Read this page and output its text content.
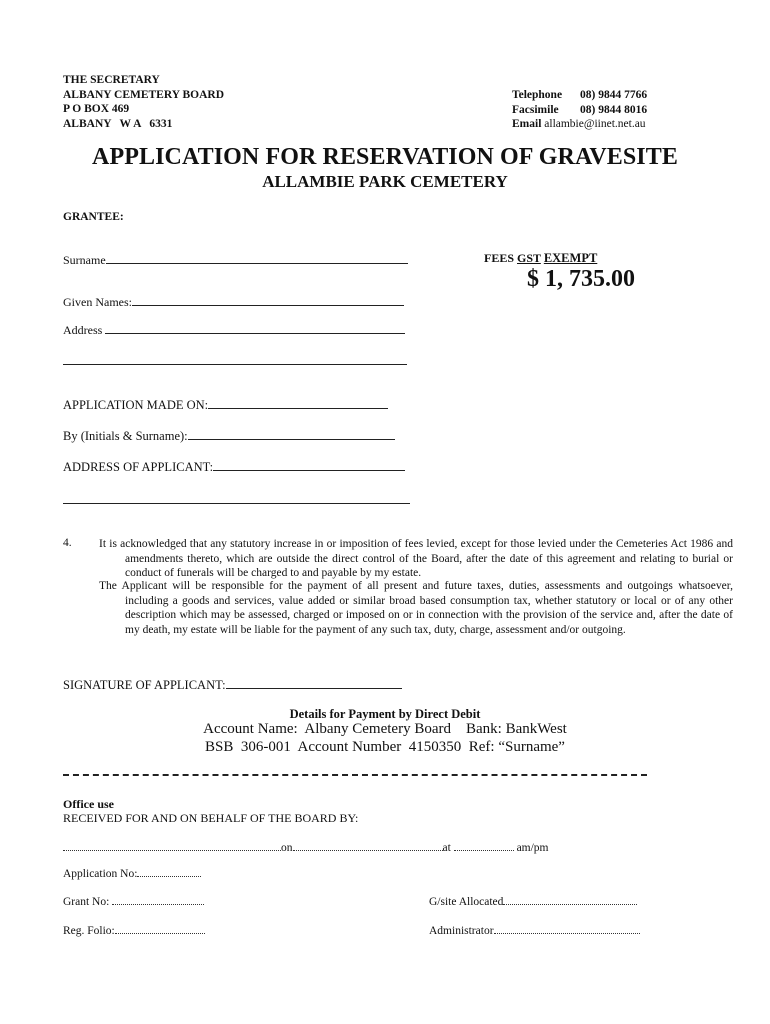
THE SECRETARY
ALBANY CEMETERY BOARD
P O BOX 469
ALBANY   W A   6331
Telephone 08) 9844 7766
Facsimile 08) 9844 8016
Email allambie@iinet.net.au
APPLICATION FOR RESERVATION OF GRAVESITE
ALLAMBIE PARK CEMETERY
GRANTEE:
Surname	FEES GST EXEMPT
$ 1, 735.00
Given Names:
Address
APPLICATION MADE ON:
By (Initials & Surname):
ADDRESS OF APPLICANT:
4. It is acknowledged that any statutory increase in or imposition of fees levied, except for those levied under the Cemeteries Act 1986 and amendments thereto, which are outside the direct control of the Board, after the date of this agreement and relating to burial or conduct of funerals will be charged to and payable by my estate.
The Applicant will be responsible for the payment of all present and future taxes, duties, assessments and outgoings whatsoever, including a goods and services, value added or similar broad based consumption tax, whether statutory or local or of any other description which may be assessed, charged or imposed on or in connection with the provision of the service and, after the date of my death, my estate will be liable for the payment of any such tax, duty, charge, assessment and/or outgoing.
SIGNATURE OF APPLICANT:
Details for Payment by Direct Debit
Account Name:  Albany Cemetery Board    Bank: BankWest
BSB  306-001  Account Number  4150350  Ref: “Surname”
Office use
RECEIVED FOR AND ON BEHALF OF THE BOARD BY:
on	at	am/pm
Application No:
Grant No:	G/site Allocated
Reg. Folio:	Administrator
